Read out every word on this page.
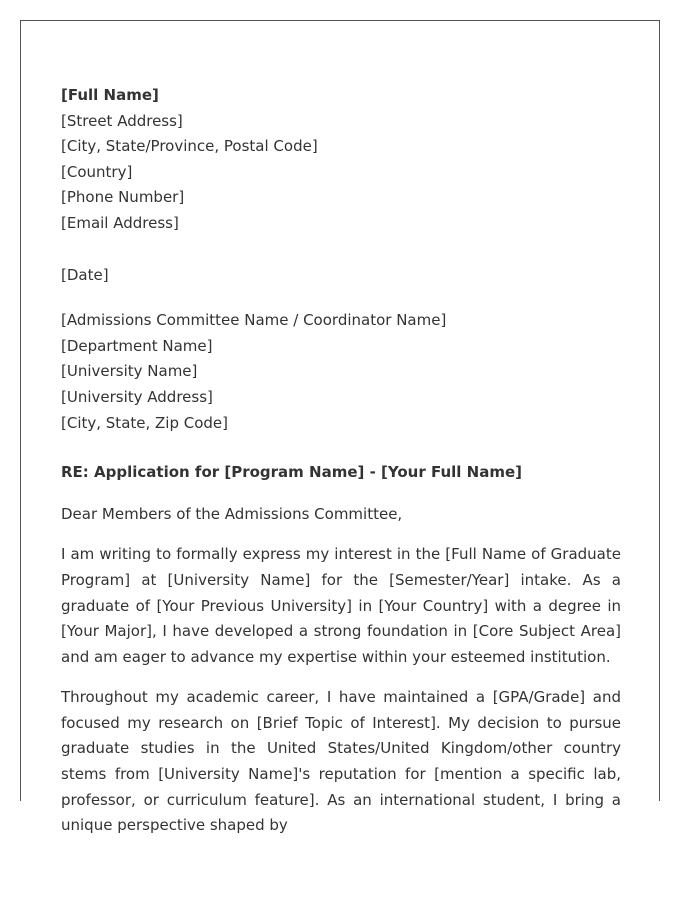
[Full Name]
[Street Address]
[City, State/Province, Postal Code]
[Country]
[Phone Number]
[Email Address]
[Date]
[Admissions Committee Name / Coordinator Name]
[Department Name]
[University Name]
[University Address]
[City, State, Zip Code]
RE: Application for [Program Name] - [Your Full Name]
Dear Members of the Admissions Committee,

I am writing to formally express my interest in the [Full Name of Graduate Program] at [University Name] for the [Semester/Year] intake. As a graduate of [Your Previous University] in [Your Country] with a degree in [Your Major], I have developed a strong foundation in [Core Subject Area] and am eager to advance my expertise within your esteemed institution.

Throughout my academic career, I have maintained a [GPA/Grade] and focused my research on [Brief Topic of Interest]. My decision to pursue graduate studies in the United States/United Kingdom/other country stems from [University Name]'s reputation for [mention a specific lab, professor, or curriculum feature]. As an international student, I bring a unique perspective shaped by
